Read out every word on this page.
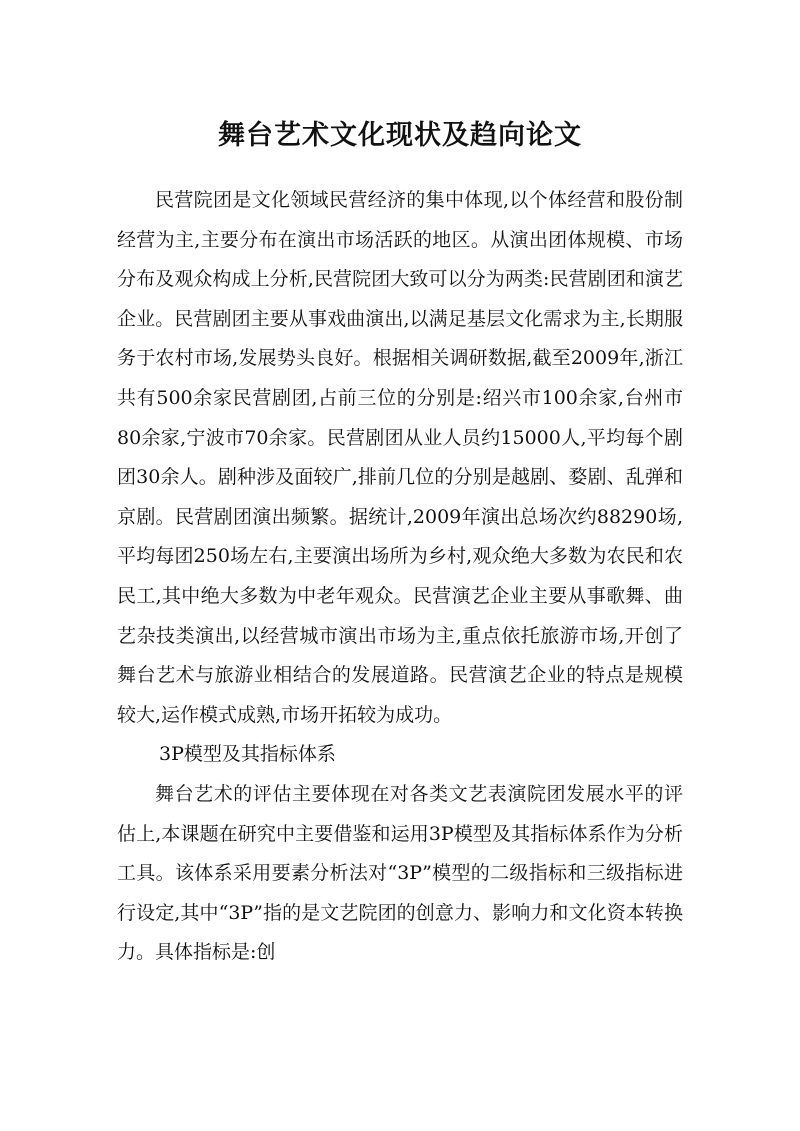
舞台艺术文化现状及趋向论文

民营院团是文化领域民营经济的集中体现,以个体经营和股份制经营为主,主要分布在演出市场活跃的地区。从演出团体规模、市场分布及观众构成上分析,民营院团大致可以分为两类:民营剧团和演艺企业。民营剧团主要从事戏曲演出,以满足基层文化需求为主,长期服务于农村市场,发展势头良好。根据相关调研数据,截至2009年,浙江共有500余家民营剧团,占前三位的分别是:绍兴市100余家,台州市80余家,宁波市70余家。民营剧团从业人员约15000人,平均每个剧团30余人。剧种涉及面较广,排前几位的分别是越剧、婺剧、乱弹和京剧。民营剧团演出频繁。据统计,2009年演出总场次约88290场,平均每团250场左右,主要演出场所为乡村,观众绝大多数为农民和农民工,其中绝大多数为中老年观众。民营演艺企业主要从事歌舞、曲艺杂技类演出,以经营城市演出市场为主,重点依托旅游市场,开创了舞台艺术与旅游业相结合的发展道路。民营演艺企业的特点是规模较大,运作模式成熟,市场开拓较为成功。

3P模型及其指标体系

舞台艺术的评估主要体现在对各类文艺表演院团发展水平的评估上,本课题在研究中主要借鉴和运用3P模型及其指标体系作为分析工具。该体系采用要素分析法对“3P”模型的二级指标和三级指标进行设定,其中“3P”指的是文艺院团的创意力、影响力和文化资本转换力。具体指标是:创
